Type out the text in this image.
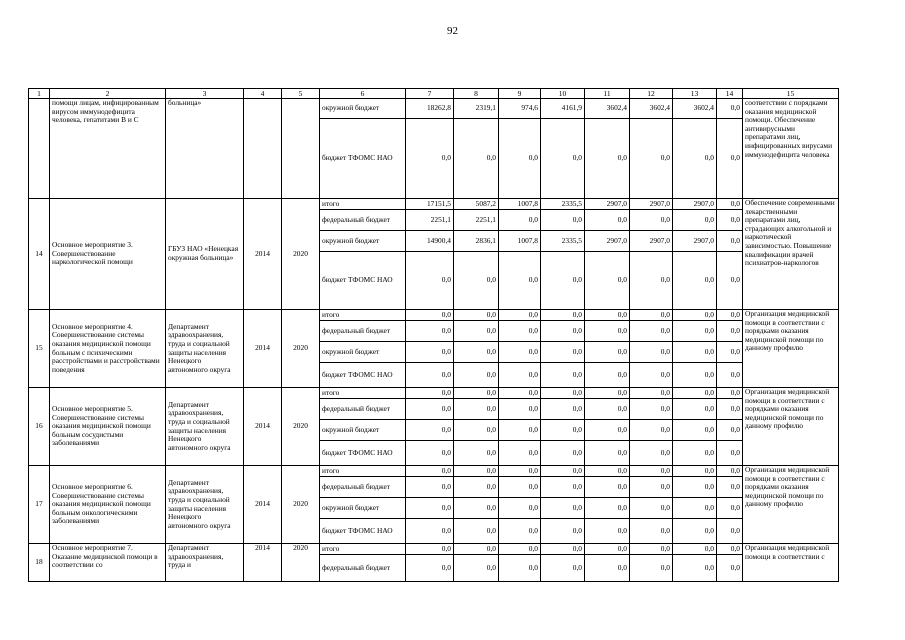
92
1	2	3	4	5	6	7	8	9	10	11	12	13	14	15
	помощи лицам, инфицированным вирусом иммунодефицита человека, гепатитами В и С	больница»			окружной бюджет	18262,8	2319,1	974,6	4161,9	3602,4	3602,4	3602,4	0,0	соответствии с порядками оказания медицинской помощи. Обеспечение антивирусными препаратами лиц, инфицированных вирусами иммунодефицита человека
					бюджет ТФОМС НАО	0,0	0,0	0,0	0,0	0,0	0,0	0,0	0,0	
14	Основное мероприятие 3. Совершенствование наркологической помощи	ГБУЗ НАО «Ненецкая окружная больница»	2014	2020	итого	17151,5	5087,2	1007,8	2335,5	2907,0	2907,0	2907,0	0,0	Обеспечение современными лекарственными препаратами лиц, страдающих алкогольной и наркотической зависимостью. Повышение квалификации врачей психиатров-наркологов
					федеральный бюджет	2251,1	2251,1	0,0	0,0	0,0	0,0	0,0	0,0	
					окружной бюджет	14900,4	2836,1	1007,8	2335,5	2907,0	2907,0	2907,0	0,0	
					бюджет ТФОМС НАО	0,0	0,0	0,0	0,0	0,0	0,0	0,0	0,0	
15	Основное мероприятие 4. Совершенствование системы оказания медицинской помощи больным с психическими расстройствами и расстройствами поведения	Департамент здравоохранения, труда и социальной защиты населения Ненецкого автономного округа	2014	2020	итого	0,0	0,0	0,0	0,0	0,0	0,0	0,0	0,0	Организация медицинской помощи в соответствии с порядками оказания медицинской помощи по данному профилю
					федеральный бюджет	0,0	0,0	0,0	0,0	0,0	0,0	0,0	0,0	
					окружной бюджет	0,0	0,0	0,0	0,0	0,0	0,0	0,0	0,0	
					бюджет ТФОМС НАО	0,0	0,0	0,0	0,0	0,0	0,0	0,0	0,0	
16	Основное мероприятие 5. Совершенствование системы оказания медицинской помощи больным сосудистыми заболеваниями	Департамент здравоохранения, труда и социальной защиты населения Ненецкого автономного округа	2014	2020	итого	0,0	0,0	0,0	0,0	0,0	0,0	0,0	0,0	Организация медицинской помощи в соответствии с порядками оказания медицинской помощи по данному профилю
					федеральный бюджет	0,0	0,0	0,0	0,0	0,0	0,0	0,0	0,0	
					окружной бюджет	0,0	0,0	0,0	0,0	0,0	0,0	0,0	0,0	
					бюджет ТФОМС НАО	0,0	0,0	0,0	0,0	0,0	0,0	0,0	0,0	
17	Основное мероприятие 6. Совершенствование системы оказания медицинской помощи больным онкологическими заболеваниями	Департамент здравоохранения, труда и социальной защиты населения Ненецкого автономного округа	2014	2020	итого	0,0	0,0	0,0	0,0	0,0	0,0	0,0	0,0	Организация медицинской помощи в соответствии с порядками оказания медицинской помощи по данному профилю
					федеральный бюджет	0,0	0,0	0,0	0,0	0,0	0,0	0,0	0,0	
					окружной бюджет	0,0	0,0	0,0	0,0	0,0	0,0	0,0	0,0	
					бюджет ТФОМС НАО	0,0	0,0	0,0	0,0	0,0	0,0	0,0	0,0	
18	Основное мероприятие 7. Оказание медицинской помощи в соответствии со	Департамент здравоохранения, труда и	2014	2020	итого	0,0	0,0	0,0	0,0	0,0	0,0	0,0	0,0	Организация медицинской помощи в соответствии с
					федеральный бюджет	0,0	0,0	0,0	0,0	0,0	0,0	0,0	0,0	
